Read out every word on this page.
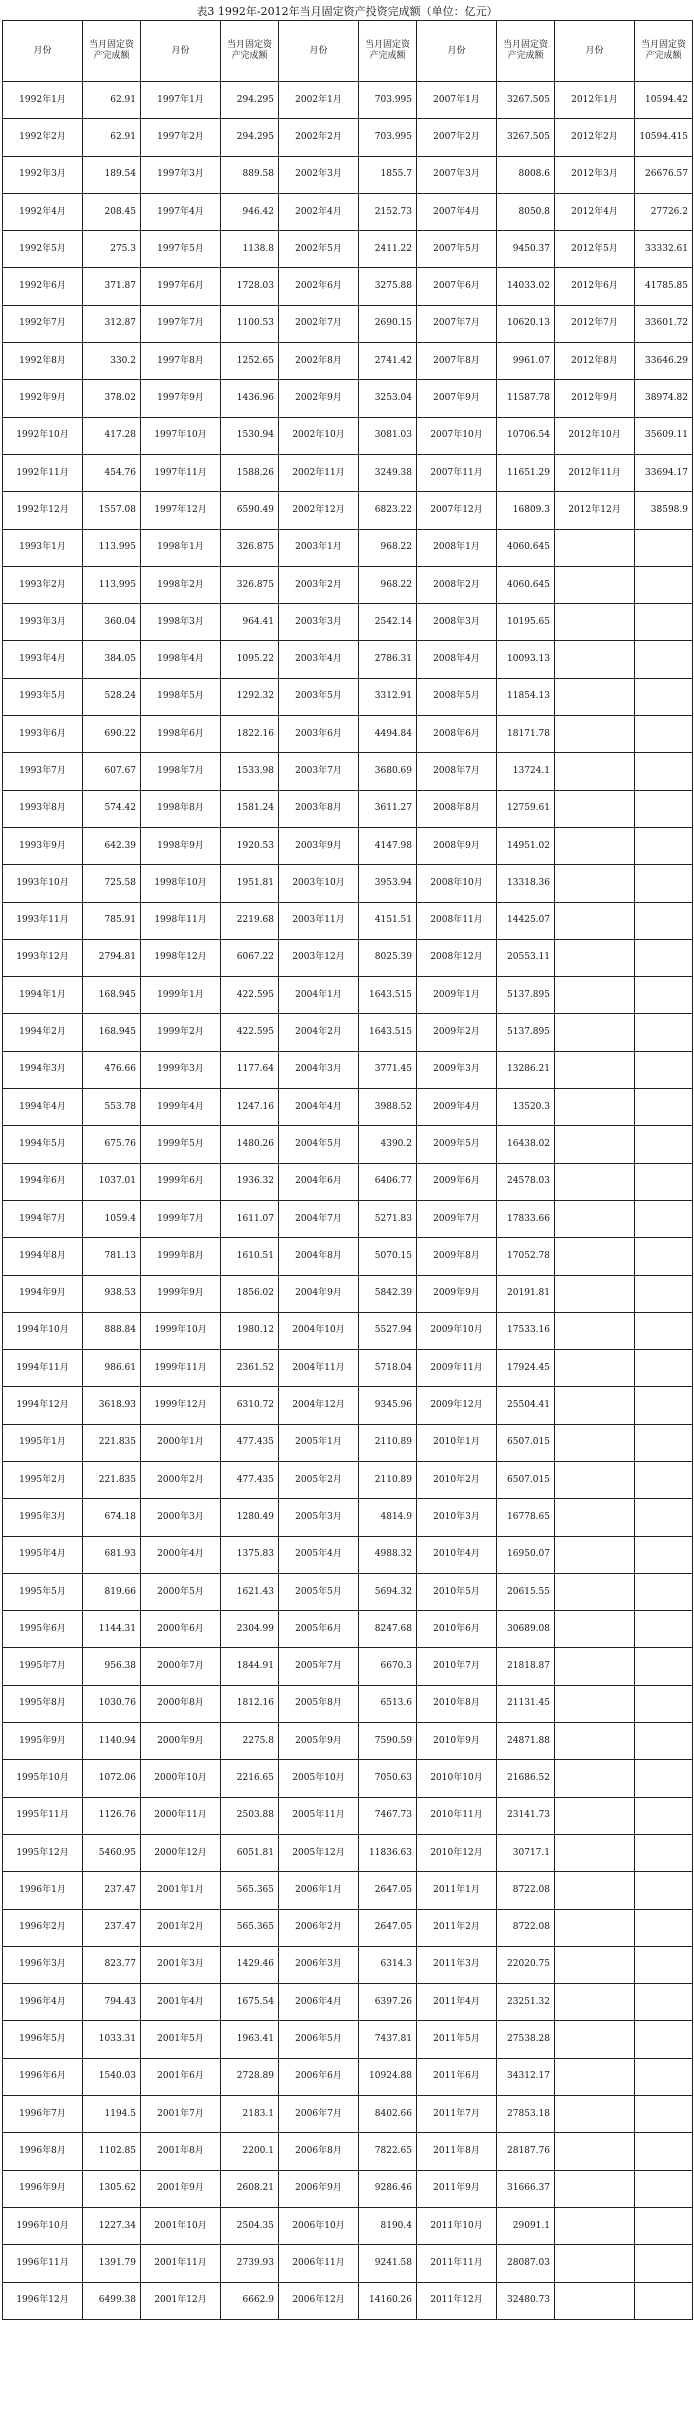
表3 1992年-2012年当月固定资产投资完成额（单位：亿元）
月份	当月固定资产完成额	月份	当月固定资产完成额	月份	当月固定资产完成额	月份	当月固定资产完成额	月份	当月固定资产完成额
1992年1月	62.91	1997年1月	294.295	2002年1月	703.995	2007年1月	3267.505	2012年1月	10594.42
1992年2月	62.91	1997年2月	294.295	2002年2月	703.995	2007年2月	3267.505	2012年2月	10594.415
1992年3月	189.54	1997年3月	889.58	2002年3月	1855.7	2007年3月	8008.6	2012年3月	26676.57
1992年4月	208.45	1997年4月	946.42	2002年4月	2152.73	2007年4月	8050.8	2012年4月	27726.2
1992年5月	275.3	1997年5月	1138.8	2002年5月	2411.22	2007年5月	9450.37	2012年5月	33332.61
1992年6月	371.87	1997年6月	1728.03	2002年6月	3275.88	2007年6月	14033.02	2012年6月	41785.85
1992年7月	312.87	1997年7月	1100.53	2002年7月	2690.15	2007年7月	10620.13	2012年7月	33601.72
1992年8月	330.2	1997年8月	1252.65	2002年8月	2741.42	2007年8月	9961.07	2012年8月	33646.29
1992年9月	378.02	1997年9月	1436.96	2002年9月	3253.04	2007年9月	11587.78	2012年9月	38974.82
1992年10月	417.28	1997年10月	1530.94	2002年10月	3081.03	2007年10月	10706.54	2012年10月	35609.11
1992年11月	454.76	1997年11月	1588.26	2002年11月	3249.38	2007年11月	11651.29	2012年11月	33694.17
1992年12月	1557.08	1997年12月	6590.49	2002年12月	6823.22	2007年12月	16809.3	2012年12月	38598.9
1993年1月	113.995	1998年1月	326.875	2003年1月	968.22	2008年1月	4060.645		
1993年2月	113.995	1998年2月	326.875	2003年2月	968.22	2008年2月	4060.645		
1993年3月	360.04	1998年3月	964.41	2003年3月	2542.14	2008年3月	10195.65		
1993年4月	384.05	1998年4月	1095.22	2003年4月	2786.31	2008年4月	10093.13		
1993年5月	528.24	1998年5月	1292.32	2003年5月	3312.91	2008年5月	11854.13		
1993年6月	690.22	1998年6月	1822.16	2003年6月	4494.84	2008年6月	18171.78		
1993年7月	607.67	1998年7月	1533.98	2003年7月	3680.69	2008年7月	13724.1		
1993年8月	574.42	1998年8月	1581.24	2003年8月	3611.27	2008年8月	12759.61		
1993年9月	642.39	1998年9月	1920.53	2003年9月	4147.98	2008年9月	14951.02		
1993年10月	725.58	1998年10月	1951.81	2003年10月	3953.94	2008年10月	13318.36		
1993年11月	785.91	1998年11月	2219.68	2003年11月	4151.51	2008年11月	14425.07		
1993年12月	2794.81	1998年12月	6067.22	2003年12月	8025.39	2008年12月	20553.11		
1994年1月	168.945	1999年1月	422.595	2004年1月	1643.515	2009年1月	5137.895		
1994年2月	168.945	1999年2月	422.595	2004年2月	1643.515	2009年2月	5137.895		
1994年3月	476.66	1999年3月	1177.64	2004年3月	3771.45	2009年3月	13286.21		
1994年4月	553.78	1999年4月	1247.16	2004年4月	3988.52	2009年4月	13520.3		
1994年5月	675.76	1999年5月	1480.26	2004年5月	4390.2	2009年5月	16438.02		
1994年6月	1037.01	1999年6月	1936.32	2004年6月	6406.77	2009年6月	24578.03		
1994年7月	1059.4	1999年7月	1611.07	2004年7月	5271.83	2009年7月	17833.66		
1994年8月	781.13	1999年8月	1610.51	2004年8月	5070.15	2009年8月	17052.78		
1994年9月	938.53	1999年9月	1856.02	2004年9月	5842.39	2009年9月	20191.81		
1994年10月	888.84	1999年10月	1980.12	2004年10月	5527.94	2009年10月	17533.16		
1994年11月	986.61	1999年11月	2361.52	2004年11月	5718.04	2009年11月	17924.45		
1994年12月	3618.93	1999年12月	6310.72	2004年12月	9345.96	2009年12月	25504.41		
1995年1月	221.835	2000年1月	477.435	2005年1月	2110.89	2010年1月	6507.015		
1995年2月	221.835	2000年2月	477.435	2005年2月	2110.89	2010年2月	6507.015		
1995年3月	674.18	2000年3月	1280.49	2005年3月	4814.9	2010年3月	16778.65		
1995年4月	681.93	2000年4月	1375.83	2005年4月	4988.32	2010年4月	16950.07		
1995年5月	819.66	2000年5月	1621.43	2005年5月	5694.32	2010年5月	20615.55		
1995年6月	1144.31	2000年6月	2304.99	2005年6月	8247.68	2010年6月	30689.08		
1995年7月	956.38	2000年7月	1844.91	2005年7月	6670.3	2010年7月	21818.87		
1995年8月	1030.76	2000年8月	1812.16	2005年8月	6513.6	2010年8月	21131.45		
1995年9月	1140.94	2000年9月	2275.8	2005年9月	7590.59	2010年9月	24871.88		
1995年10月	1072.06	2000年10月	2216.65	2005年10月	7050.63	2010年10月	21686.52		
1995年11月	1126.76	2000年11月	2503.88	2005年11月	7467.73	2010年11月	23141.73		
1995年12月	5460.95	2000年12月	6051.81	2005年12月	11836.63	2010年12月	30717.1		
1996年1月	237.47	2001年1月	565.365	2006年1月	2647.05	2011年1月	8722.08		
1996年2月	237.47	2001年2月	565.365	2006年2月	2647.05	2011年2月	8722.08		
1996年3月	823.77	2001年3月	1429.46	2006年3月	6314.3	2011年3月	22020.75		
1996年4月	794.43	2001年4月	1675.54	2006年4月	6397.26	2011年4月	23251.32		
1996年5月	1033.31	2001年5月	1963.41	2006年5月	7437.81	2011年5月	27538.28		
1996年6月	1540.03	2001年6月	2728.89	2006年6月	10924.88	2011年6月	34312.17		
1996年7月	1194.5	2001年7月	2183.1	2006年7月	8402.66	2011年7月	27853.18		
1996年8月	1102.85	2001年8月	2200.1	2006年8月	7822.65	2011年8月	28187.76		
1996年9月	1305.62	2001年9月	2608.21	2006年9月	9286.46	2011年9月	31666.37		
1996年10月	1227.34	2001年10月	2504.35	2006年10月	8190.4	2011年10月	29091.1		
1996年11月	1391.79	2001年11月	2739.93	2006年11月	9241.58	2011年11月	28087.03		
1996年12月	6499.38	2001年12月	6662.9	2006年12月	14160.26	2011年12月	32480.73		
